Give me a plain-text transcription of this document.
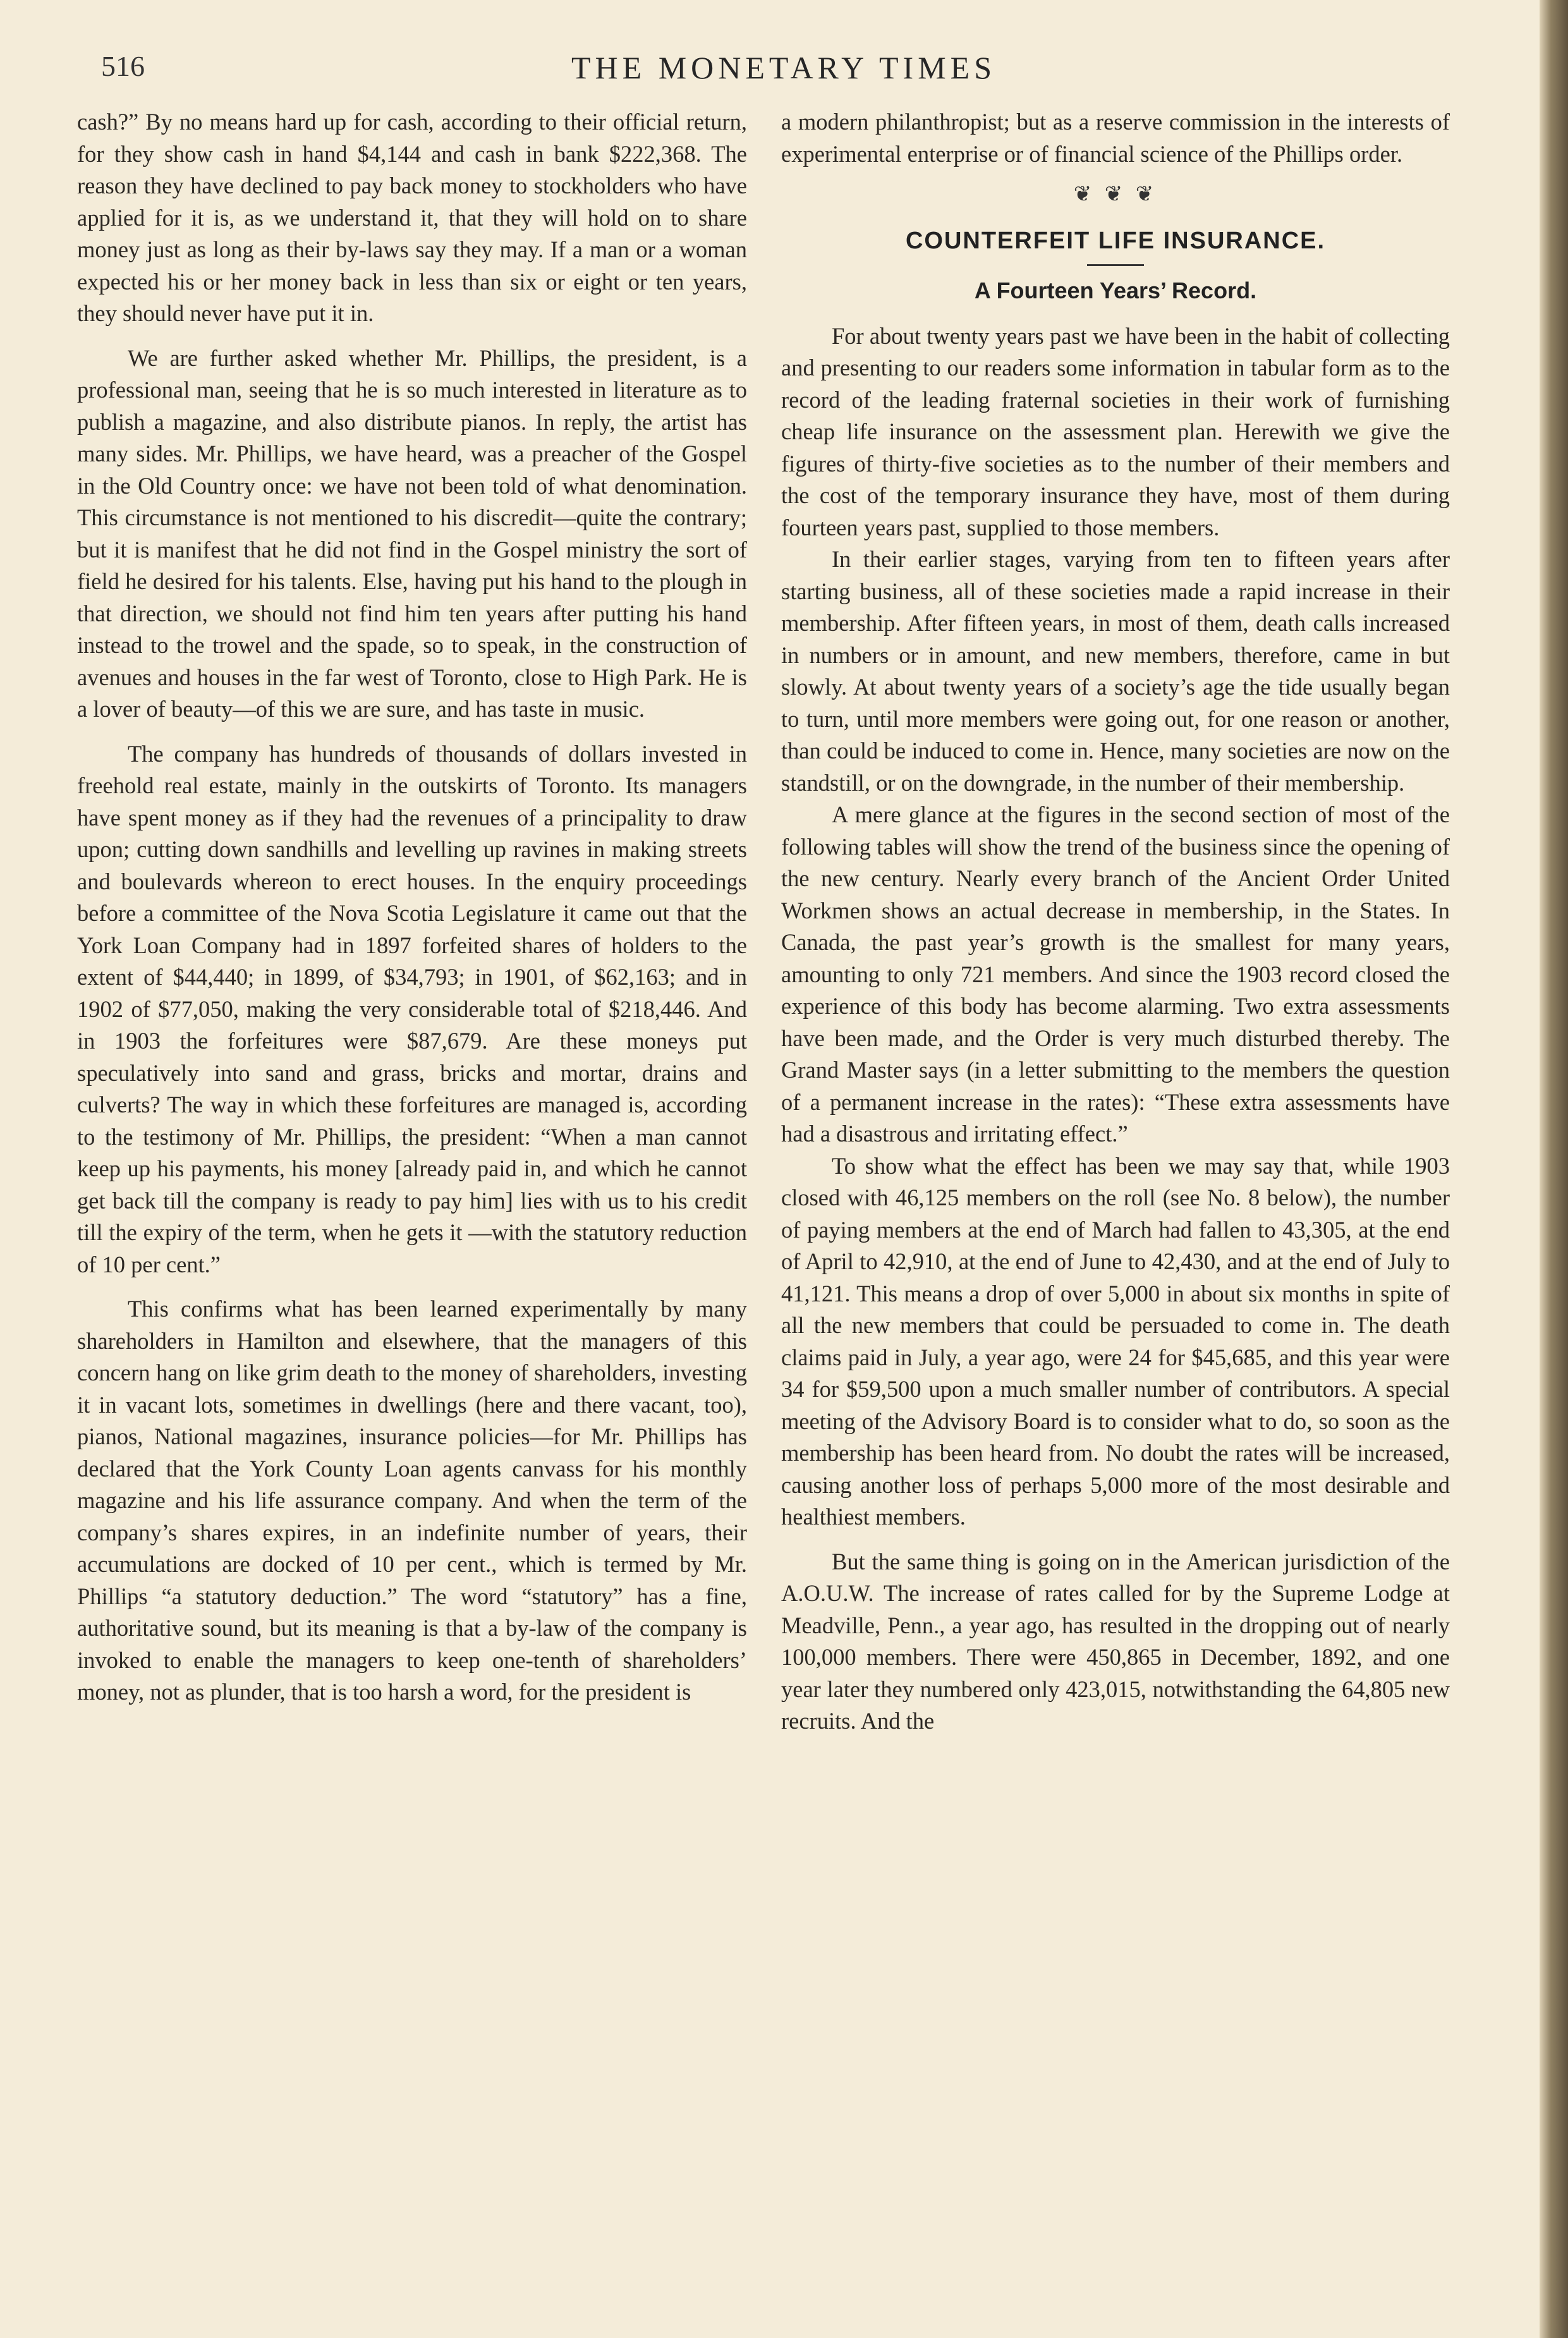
516	THE MONETARY TIMES

cash?” By no means hard up for cash, according to their official return, for they show cash in hand $4,144 and cash in bank $222,368. The reason they have declined to pay back money to stockholders who have applied for it is, as we understand it, that they will hold on to share money just as long as their by-laws say they may. If a man or a woman expected his or her money back in less than six or eight or ten years, they should never have put it in.

We are further asked whether Mr. Phillips, the president, is a professional man, seeing that he is so much interested in literature as to publish a magazine, and also distribute pianos. In reply, the artist has many sides. Mr. Phillips, we have heard, was a preacher of the Gospel in the Old Country once: we have not been told of what denomination. This circumstance is not mentioned to his discredit—quite the contrary; but it is manifest that he did not find in the Gospel ministry the sort of field he desired for his talents. Else, having put his hand to the plough in that direction, we should not find him ten years after putting his hand instead to the trowel and the spade, so to speak, in the construction of avenues and houses in the far west of Toronto, close to High Park. He is a lover of beauty—of this we are sure, and has taste in music.

The company has hundreds of thousands of dollars invested in freehold real estate, mainly in the outskirts of Toronto. Its managers have spent money as if they had the revenues of a principality to draw upon; cutting down sandhills and levelling up ravines in making streets and boulevards whereon to erect houses. In the enquiry proceedings before a committee of the Nova Scotia Legislature it came out that the York Loan Company had in 1897 forfeited shares of holders to the extent of $44,440; in 1899, of $34,793; in 1901, of $62,163; and in 1902 of $77,050, making the very considerable total of $218,446. And in 1903 the forfeitures were $87,679. Are these moneys put speculatively into sand and grass, bricks and mortar, drains and culverts? The way in which these forfeitures are managed is, according to the testimony of Mr. Phillips, the president: “When a man cannot keep up his payments, his money [already paid in, and which he cannot get back till the company is ready to pay him] lies with us to his credit till the expiry of the term, when he gets it —with the statutory reduction of 10 per cent.”

This confirms what has been learned experimentally by many shareholders in Hamilton and elsewhere, that the managers of this concern hang on like grim death to the money of shareholders, investing it in vacant lots, sometimes in dwellings (here and there vacant, too), pianos, National magazines, insurance policies—for Mr. Phillips has declared that the York County Loan agents canvass for his monthly magazine and his life assurance company. And when the term of the company’s shares expires, in an indefinite number of years, their accumulations are docked of 10 per cent., which is termed by Mr. Phillips “a statutory deduction.” The word “statutory” has a fine, authoritative sound, but its meaning is that a by-law of the company is invoked to enable the managers to keep one-tenth of shareholders’ money, not as plunder, that is too harsh a word, for the president is

a modern philanthropist; but as a reserve commission in the interests of experimental enterprise or of financial science of the Phillips order.

❦ ❦ ❦
COUNTERFEIT LIFE INSURANCE.
A Fourteen Years’ Record.

For about twenty years past we have been in the habit of collecting and presenting to our readers some information in tabular form as to the record of the leading fraternal societies in their work of furnishing cheap life insurance on the assessment plan. Herewith we give the figures of thirty-five societies as to the number of their members and the cost of the temporary insurance they have, most of them during fourteen years past, supplied to those members.

In their earlier stages, varying from ten to fifteen years after starting business, all of these societies made a rapid increase in their membership. After fifteen years, in most of them, death calls increased in numbers or in amount, and new members, therefore, came in but slowly. At about twenty years of a society’s age the tide usually began to turn, until more members were going out, for one reason or another, than could be induced to come in. Hence, many societies are now on the standstill, or on the downgrade, in the number of their membership.

A mere glance at the figures in the second section of most of the following tables will show the trend of the business since the opening of the new century. Nearly every branch of the Ancient Order United Workmen shows an actual decrease in membership, in the States. In Canada, the past year’s growth is the smallest for many years, amounting to only 721 members. And since the 1903 record closed the experience of this body has become alarming. Two extra assessments have been made, and the Order is very much disturbed thereby. The Grand Master says (in a letter submitting to the members the question of a permanent increase in the rates): “These extra assessments have had a disastrous and irritating effect.”

To show what the effect has been we may say that, while 1903 closed with 46,125 members on the roll (see No. 8 below), the number of paying members at the end of March had fallen to 43,305, at the end of April to 42,910, at the end of June to 42,430, and at the end of July to 41,121. This means a drop of over 5,000 in about six months in spite of all the new members that could be persuaded to come in. The death claims paid in July, a year ago, were 24 for $45,685, and this year were 34 for $59,500 upon a much smaller number of contributors. A special meeting of the Advisory Board is to consider what to do, so soon as the membership has been heard from. No doubt the rates will be increased, causing another loss of perhaps 5,000 more of the most desirable and healthiest members.

But the same thing is going on in the American jurisdiction of the A.O.U.W. The increase of rates called for by the Supreme Lodge at Meadville, Penn., a year ago, has resulted in the dropping out of nearly 100,000 members. There were 450,865 in December, 1892, and one year later they numbered only 423,015, notwithstanding the 64,805 new recruits. And the
